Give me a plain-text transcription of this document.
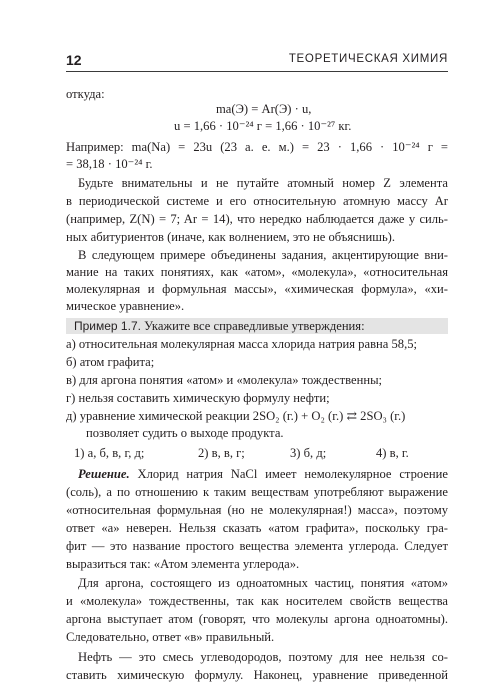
12	ТЕОРЕТИЧЕСКАЯ ХИМИЯ
откуда:
mа(Э) = Ar(Э) · u,
u = 1,66 · 10⁻²⁴ г = 1,66 · 10⁻²⁷ кг.
Например: mа(Na) = 23u (23 а. е. м.) = 23 · 1,66 · 10⁻²⁴ г =
= 38,18 · 10⁻²⁴ г.
Будьте внимательны и не путайте атомный номер Z элемента
в периодической системе и его относительную атомную массу Ar
(например, Z(N) = 7; Ar = 14), что нередко наблюдается даже у силь-
ных абитуриентов (иначе, как волнением, это не объяснишь).
В следующем примере объединены задания, акцентирующие вни-
мание на таких понятиях, как «атом», «молекула», «относительная
молекулярная и формульная массы», «химическая формула», «хи-
мическое уравнение».
Пример 1.7. Укажите все справедливые утверждения:
а) относительная молекулярная масса хлорида натрия равна 58,5;
б) атом графита;
в) для аргона понятия «атом» и «молекула» тождественны;
г) нельзя составить химическую формулу нефти;
д) уравнение химической реакции 2SO₂ (г.) + O₂ (г.) ⇄ 2SO₃ (г.)
позволяет судить о выходе продукта.
1) а, б, в, г, д;	2) в, в, г;	3) б, д;	4) в, г.
Решение. Хлорид натрия NaCl имеет немолекулярное строение
(соль), а по отношению к таким веществам употребляют выражение
«относительная формульная (но не молекулярная!) масса», поэтому
ответ «а» неверен. Нельзя сказать «атом графита», поскольку гра-
фит — это название простого вещества элемента углерода. Следует
выразиться так: «Атом элемента углерода».
Для аргона, состоящего из одноатомных частиц, понятия «атом»
и «молекула» тождественны, так как носителем свойств вещества
аргона выступает атом (говорят, что молекулы аргона одноатомны).
Следовательно, ответ «в» правильный.
Нефть — это смесь углеводородов, поэтому для нее нельзя со-
ставить химическую формулу. Наконец, уравнение приведенной
